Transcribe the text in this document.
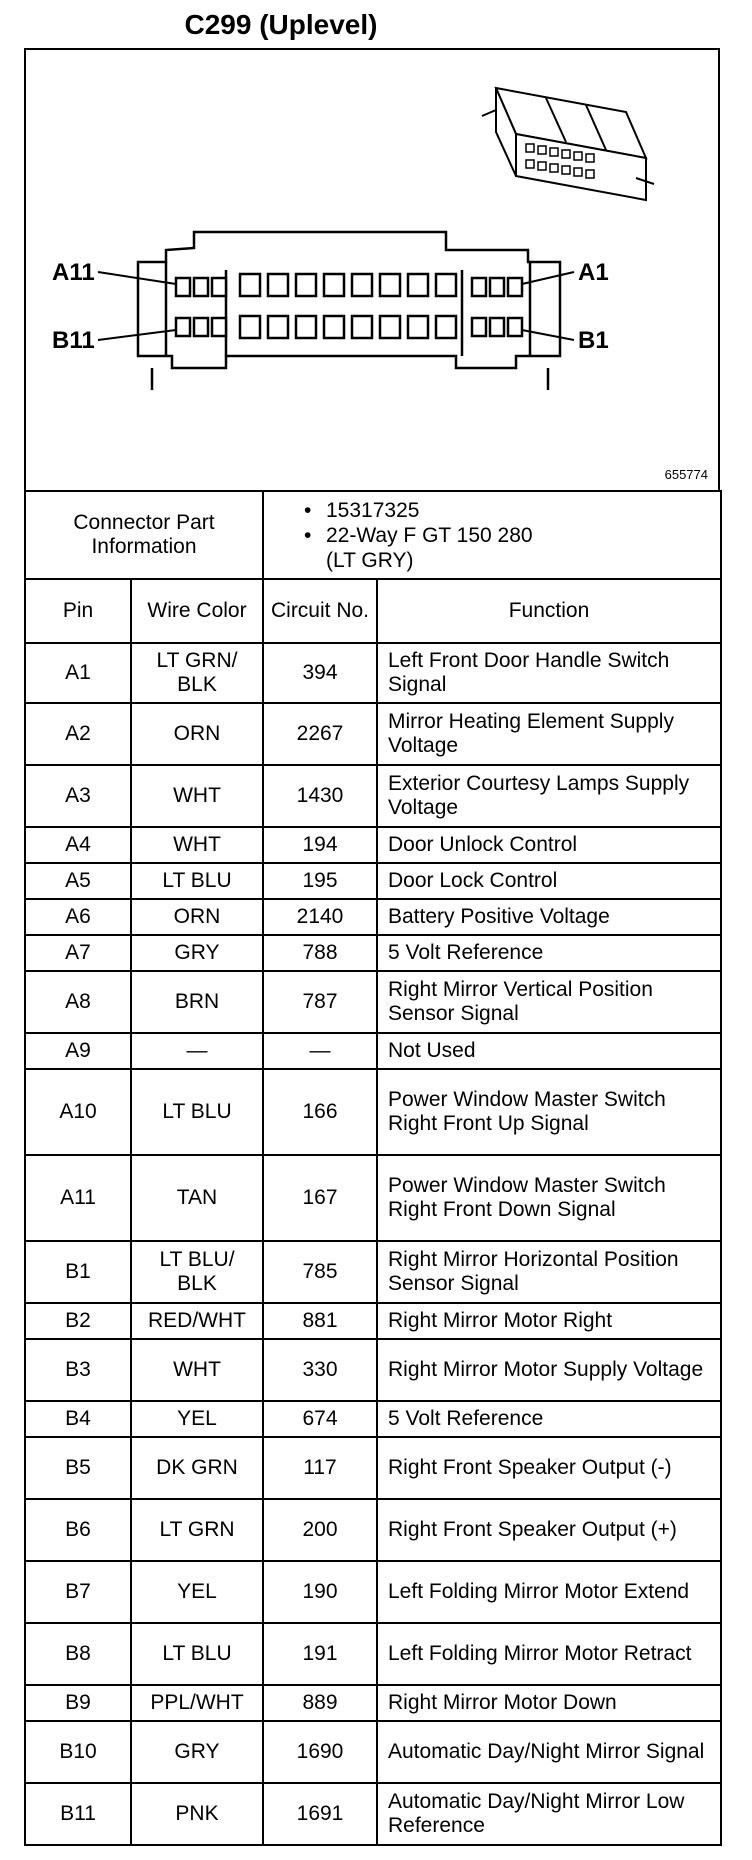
C299 (Uplevel)
A11	A1
B11	B1
655774
Connector Part Information		• 15317325
• 22-Way F GT 150 280
(LT GRY)	

Pin	Wire Color	Circuit No.	Function
A1	LT GRN/ BLK	394	Left Front Door Handle Switch Signal
A2	ORN	2267	Mirror Heating Element Supply Voltage
A3	WHT	1430	Exterior Courtesy Lamps Supply Voltage
A4	WHT	194	Door Unlock Control
A5	LT BLU	195	Door Lock Control
A6	ORN	2140	Battery Positive Voltage
A7	GRY	788	5 Volt Reference
A8	BRN	787	Right Mirror Vertical Position Sensor Signal
A9	—	—	Not Used
A10	LT BLU	166	Power Window Master Switch Right Front Up Signal
A11	TAN	167	Power Window Master Switch Right Front Down Signal
B1	LT BLU/ BLK	785	Right Mirror Horizontal Position Sensor Signal
B2	RED/WHT	881	Right Mirror Motor Right
B3	WHT	330	Right Mirror Motor Supply Voltage
B4	YEL	674	5 Volt Reference
B5	DK GRN	117	Right Front Speaker Output (-)
B6	LT GRN	200	Right Front Speaker Output (+)
B7	YEL	190	Left Folding Mirror Motor Extend
B8	LT BLU	191	Left Folding Mirror Motor Retract
B9	PPL/WHT	889	Right Mirror Motor Down
B10	GRY	1690	Automatic Day/Night Mirror Signal
B11	PNK	1691	Automatic Day/Night Mirror Low Reference
